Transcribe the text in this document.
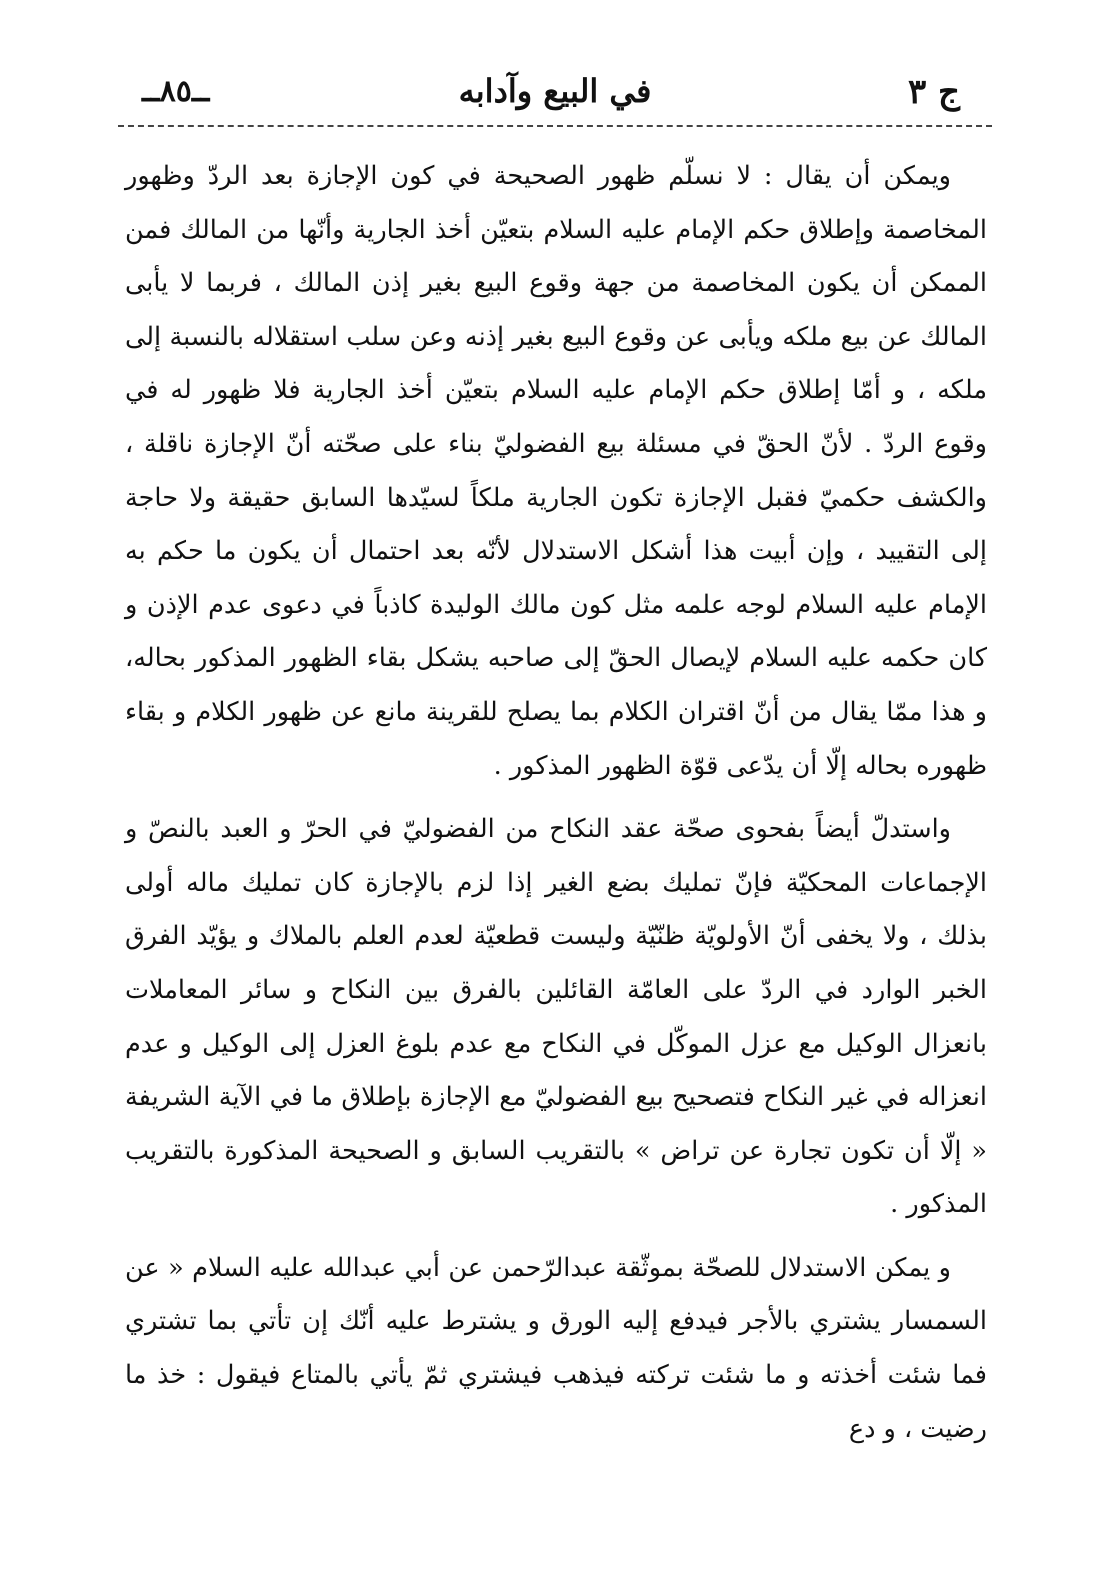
ــ٨٥ــ	في البيع وآدابه	ج ٣

ويمكن أن يقال : لا نسلّم ظهور الصحيحة في كون الإجازة بعد الردّ وظهور المخاصمة وإطلاق حكم الإمام عليه السلام بتعيّن أخذ الجارية وأنّها من المالك فمن الممكن أن يكون المخاصمة من جهة وقوع البيع بغير إذن المالك ، فربما لا يأبى المالك عن بيع ملكه ويأبى عن وقوع البيع بغير إذنه وعن سلب استقلاله بالنسبة إلى ملكه ، و أمّا إطلاق حكم الإمام عليه السلام بتعيّن أخذ الجارية فلا ظهور له في وقوع الردّ . لأنّ الحقّ في مسئلة بيع الفضوليّ بناء على صحّته أنّ الإجازة ناقلة ، والكشف حكميّ فقبل الإجازة تكون الجارية ملكاً لسيّدها السابق حقيقة ولا حاجة إلى التقييد ، وإن أبيت هذا أشكل الاستدلال لأنّه بعد احتمال أن يكون ما حكم به الإمام عليه السلام لوجه علمه مثل كون مالك الوليدة كاذباً في دعوى عدم الإذن و كان حكمه عليه السلام لإيصال الحقّ إلى صاحبه يشكل بقاء الظهور المذكور بحاله، و هذا ممّا يقال من أنّ اقتران الكلام بما يصلح للقرينة مانع عن ظهور الكلام و بقاء ظهوره بحاله إلّا أن يدّعى قوّة الظهور المذكور .

واستدلّ أيضاً بفحوى صحّة عقد النكاح من الفضوليّ في الحرّ و العبد بالنصّ و الإجماعات المحكيّة فإنّ تمليك بضع الغير إذا لزم بالإجازة كان تمليك ماله أولى بذلك ، ولا يخفى أنّ الأولويّة ظنّيّة وليست قطعيّة لعدم العلم بالملاك و يؤيّد الفرق الخبر الوارد في الردّ على العامّة القائلين بالفرق بين النكاح و سائر المعاملات بانعزال الوكيل مع عزل الموكّل في النكاح مع عدم بلوغ العزل إلى الوكيل و عدم انعزاله في غير النكاح فتصحيح بيع الفضوليّ مع الإجازة بإطلاق ما في الآية الشريفة « إلّا أن تكون تجارة عن تراض » بالتقريب السابق و الصحيحة المذكورة بالتقريب المذكور .

و يمكن الاستدلال للصحّة بموثّقة عبدالرّحمن عن أبي عبدالله عليه السلام « عن السمسار يشتري بالأجر فيدفع إليه الورق و يشترط عليه أنّك إن تأتي بما تشتري فما شئت أخذته و ما شئت تركته فيذهب فيشتري ثمّ يأتي بالمتاع فيقول : خذ ما رضيت ، و دع
